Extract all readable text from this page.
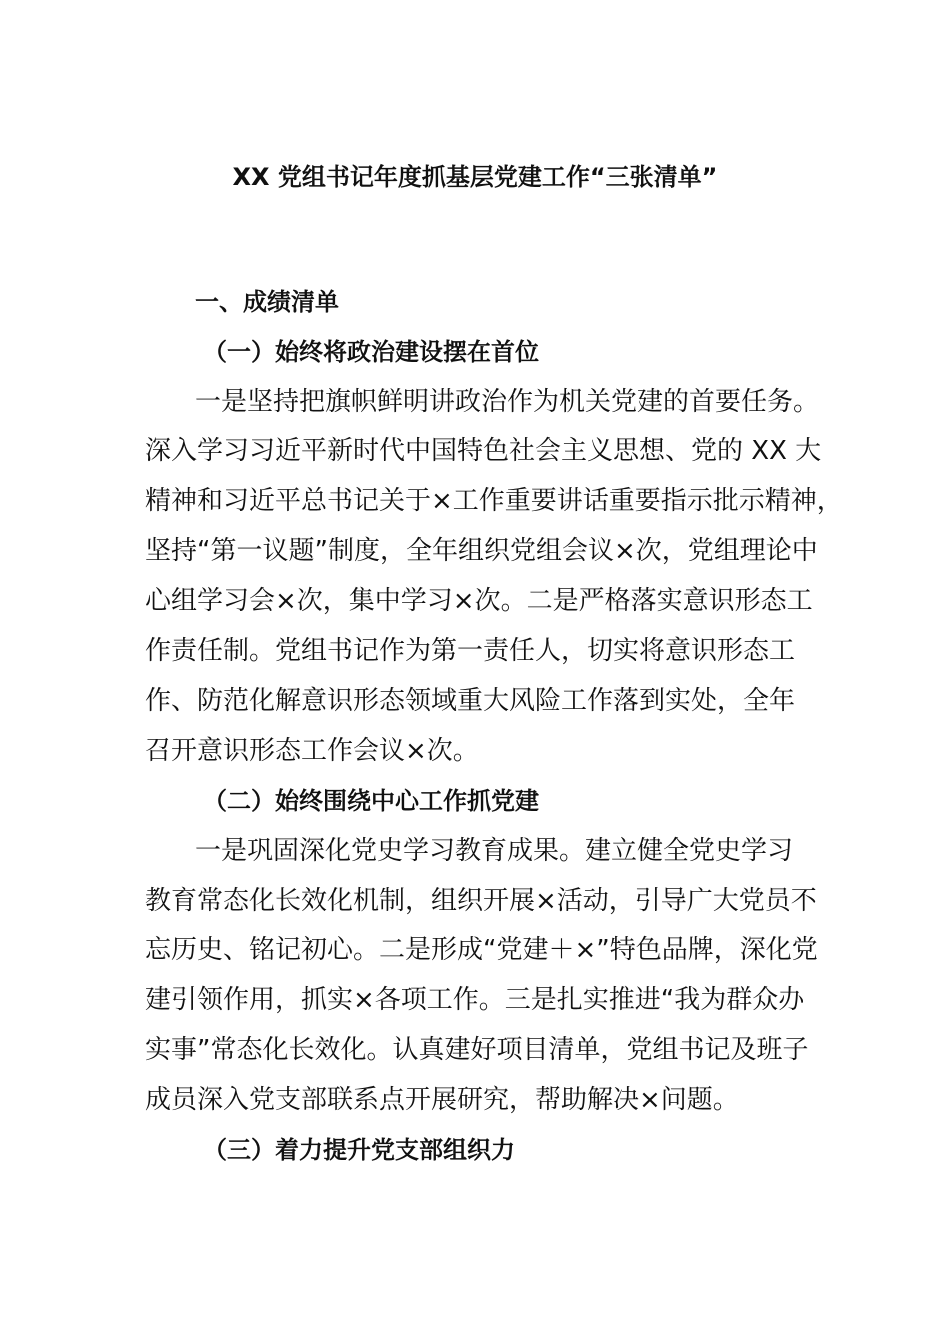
XX 党组书记年度抓基层党建工作“三张清单”
一、成绩清单
（一）始终将政治建设摆在首位
一是坚持把旗帜鲜明讲政治作为机关党建的首要任务。
深入学习习近平新时代中国特色社会主义思想、党的 XX 大
精神和习近平总书记关于×工作重要讲话重要指示批示精神，
坚持“第一议题”制度，全年组织党组会议×次，党组理论中
心组学习会×次，集中学习×次。二是严格落实意识形态工
作责任制。党组书记作为第一责任人，切实将意识形态工
作、防范化解意识形态领域重大风险工作落到实处，全年
召开意识形态工作会议×次。
（二）始终围绕中心工作抓党建
一是巩固深化党史学习教育成果。建立健全党史学习
教育常态化长效化机制，组织开展×活动，引导广大党员不
忘历史、铭记初心。二是形成“党建＋×”特色品牌，深化党
建引领作用，抓实×各项工作。三是扎实推进“我为群众办
实事”常态化长效化。认真建好项目清单，党组书记及班子
成员深入党支部联系点开展研究，帮助解决×问题。
（三）着力提升党支部组织力
